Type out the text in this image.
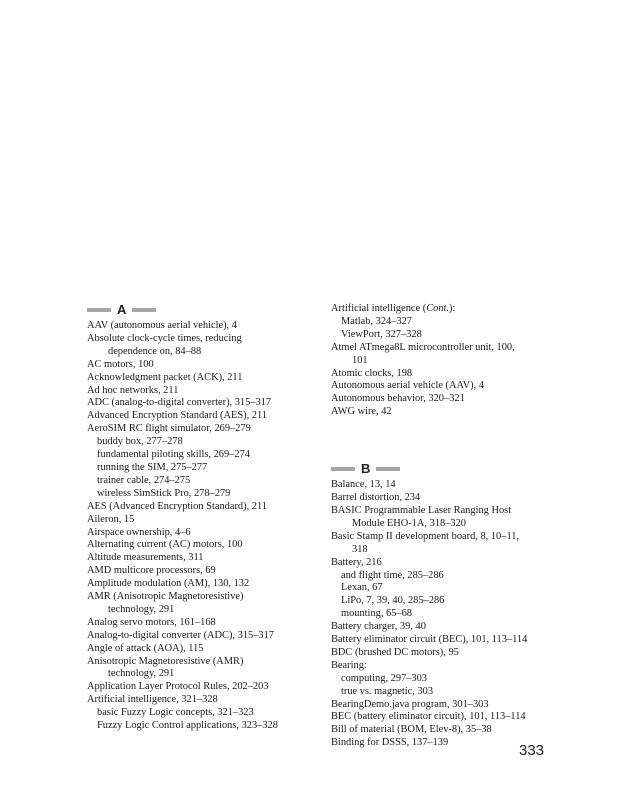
A
AAV (autonomous aerial vehicle), 4
Absolute clock-cycle times, reducing
dependence on, 84–88
AC motors, 100
Acknowledgment packet (ACK), 211
Ad hoc networks, 211
ADC (analog-to-digital converter), 315–317
Advanced Encryption Standard (AES), 211
AeroSIM RC flight simulator, 269–279
buddy box, 277–278
fundamental piloting skills, 269–274
running the SIM, 275–277
trainer cable, 274–275
wireless SimStick Pro, 278–279
AES (Advanced Encryption Standard), 211
Aileron, 15
Airspace ownership, 4–6
Alternating current (AC) motors, 100
Altitude measurements, 311
AMD multicore processors, 69
Amplitude modulation (AM), 130, 132
AMR (Anisotropic Magnetoresistive)
technology, 291
Analog servo motors, 161–168
Analog-to-digital converter (ADC), 315–317
Angle of attack (AOA), 115
Anisotropic Magnetoresistive (AMR)
technology, 291
Application Layer Protocol Rules, 202–203
Artificial intelligence, 321–328
basic Fuzzy Logic concepts, 321–323
Fuzzy Logic Control applications, 323–328
Artificial intelligence (Cont.):
Matlab, 324–327
ViewPort, 327–328
Atmel ATmega8L microcontroller unit, 100,
101
Atomic clocks, 198
Autonomous aerial vehicle (AAV), 4
Autonomous behavior, 320–321
AWG wire, 42
B
Balance, 13, 14
Barrel distortion, 234
BASIC Programmable Laser Ranging Host
Module EHO-1A, 318–320
Basic Stamp II development board, 8, 10–11,
318
Battery, 216
and flight time, 285–286
Lexan, 67
LiPo, 7, 39, 40, 285–286
mounting, 65–68
Battery charger, 39, 40
Battery eliminator circuit (BEC), 101, 113–114
BDC (brushed DC motors), 95
Bearing:
computing, 297–303
true vs. magnetic, 303
BearingDemo.java program, 301–303
BEC (battery eliminator circuit), 101, 113–114
Bill of material (BOM, Elev-8), 35–38
Binding for DSSS, 137–139	333
